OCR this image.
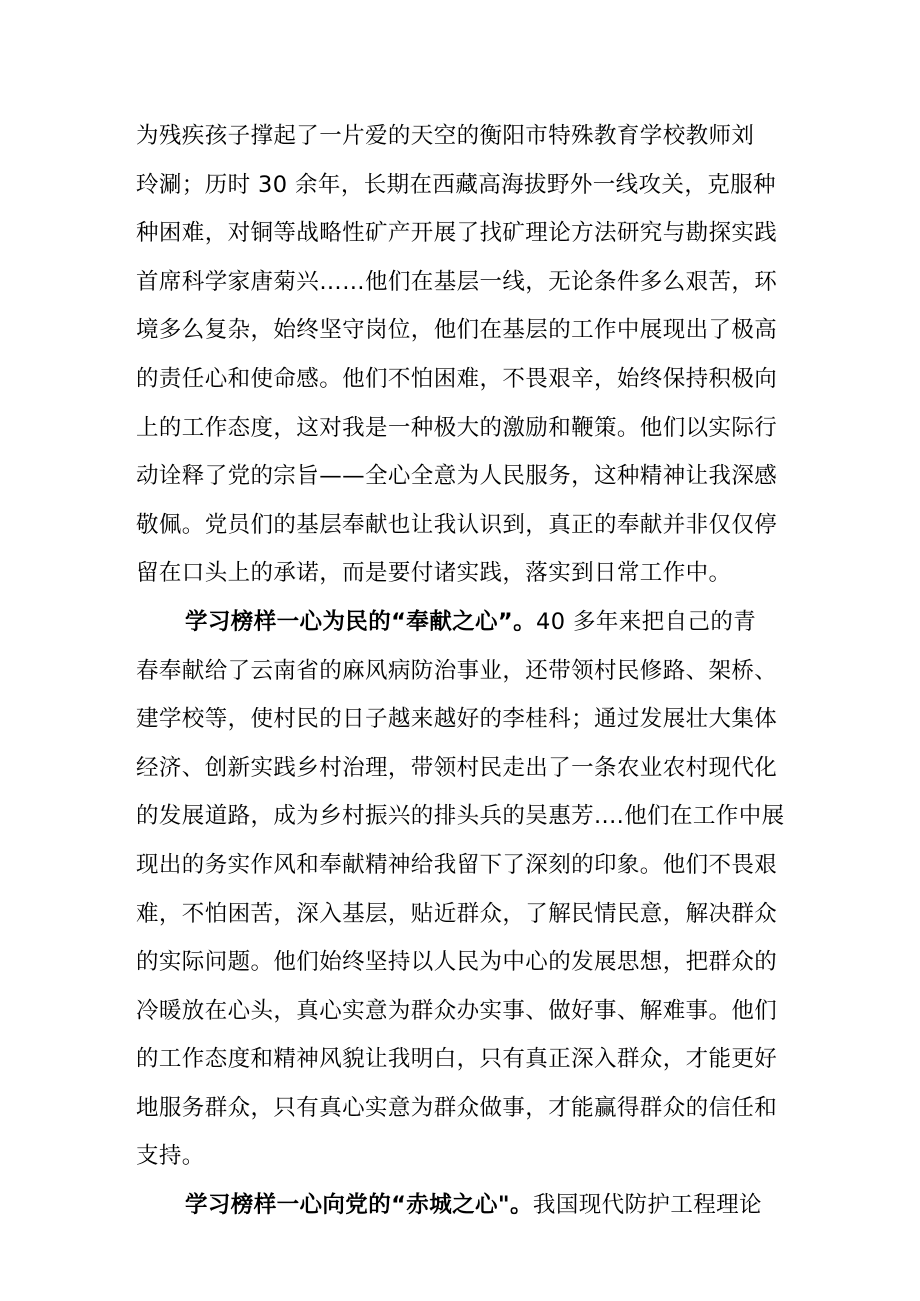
为残疾孩子撑起了一片爱的天空的衡阳市特殊教育学校教师刘
玲涮；历时 30 余年，长期在西藏高海拔野外一线攻关，克服种
种困难，对铜等战略性矿产开展了找矿理论方法研究与勘探实践
首席科学家唐菊兴……他们在基层一线，无论条件多么艰苦，环
境多么复杂，始终坚守岗位，他们在基层的工作中展现出了极高
的责任心和使命感。他们不怕困难，不畏艰辛，始终保持积极向
上的工作态度，这对我是一种极大的激励和鞭策。他们以实际行
动诠释了党的宗旨——全心全意为人民服务，这种精神让我深感
敬佩。党员们的基层奉献也让我认识到，真正的奉献并非仅仅停
留在口头上的承诺，而是要付诸实践，落实到日常工作中。
学习榜样一心为民的“奉献之心”。40 多年来把自己的青
春奉献给了云南省的麻风病防治事业，还带领村民修路、架桥、
建学校等，使村民的日子越来越好的李桂科；通过发展壮大集体
经济、创新实践乡村治理，带领村民走出了一条农业农村现代化
的发展道路，成为乡村振兴的排头兵的吴惠芳....他们在工作中展
现出的务实作风和奉献精神给我留下了深刻的印象。他们不畏艰
难，不怕困苦，深入基层，贴近群众，了解民情民意，解决群众
的实际问题。他们始终坚持以人民为中心的发展思想，把群众的
冷暖放在心头，真心实意为群众办实事、做好事、解难事。他们
的工作态度和精神风貌让我明白，只有真正深入群众，才能更好
地服务群众，只有真心实意为群众做事，才能赢得群众的信任和
支持。
学习榜样一心向党的“赤城之心"。我国现代防护工程理论
